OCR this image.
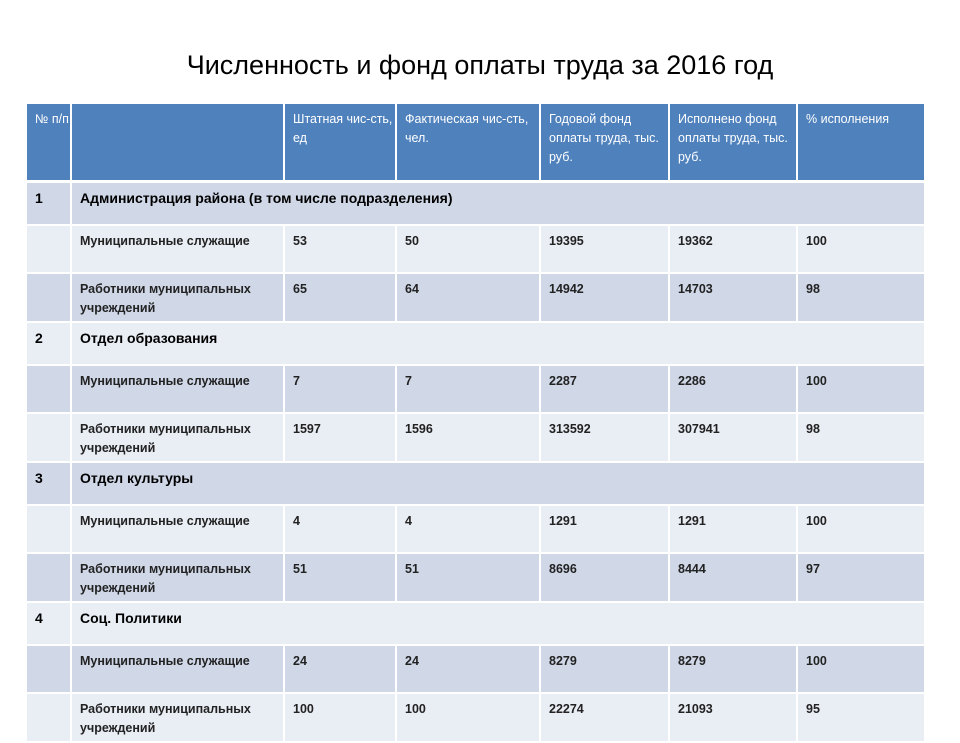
Численность и фонд оплаты труда за 2016 год
№ п/п		Штатная чис-сть, ед	Фактическая чис-сть, чел.	Годовой фонд оплаты труда, тыс. руб.	Исполнено фонд оплаты труда, тыс. руб.	% исполнения
1	Администрация района (в том числе подразделения)					
	Муниципальные служащие	53	50	19395	19362	100
	Работники муниципальных учреждений	65	64	14942	14703	98
2	Отдел образования					
	Муниципальные служащие	7	7	2287	2286	100
	Работники муниципальных учреждений	1597	1596	313592	307941	98
3	Отдел культуры					
	Муниципальные служащие	4	4	1291	1291	100
	Работники муниципальных учреждений	51	51	8696	8444	97
4	Соц. Политики					
	Муниципальные служащие	24	24	8279	8279	100
	Работники муниципальных учреждений	100	100	22274	21093	95
